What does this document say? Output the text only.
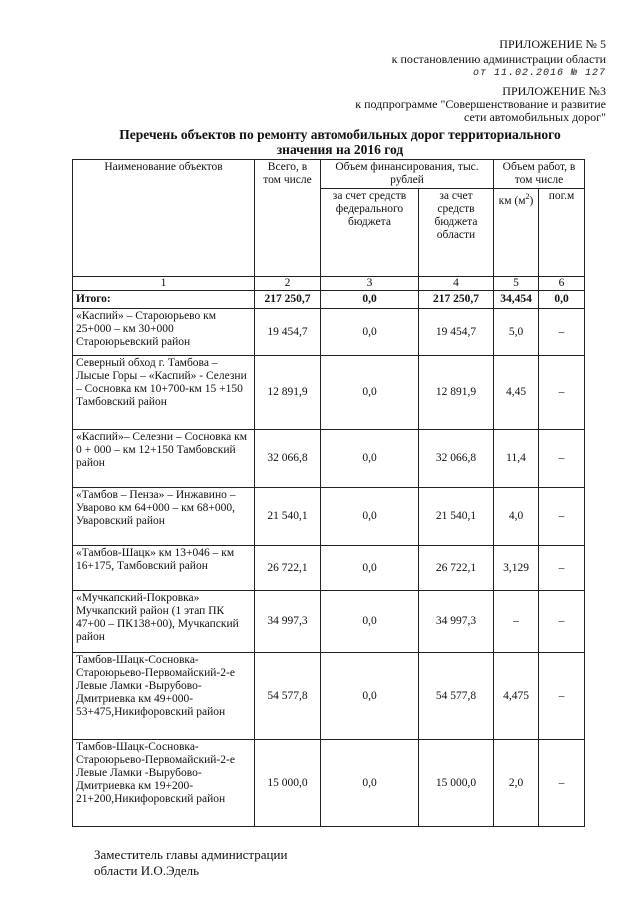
ПРИЛОЖЕНИЕ № 5
к постановлению администрации области
от 11.02.2016 № 127
ПРИЛОЖЕНИЕ №3
к подпрограмме "Совершенствование и развитие
сети автомобильных дорог"
Перечень объектов по ремонту автомобильных дорог территориального
значения на 2016 год
Наименование объектов	Всего, в том числе	Объем финансирования, тыс. рублей		Объем работ, в том числе	
		за счет средств федерального бюджета	за счет средств бюджета области	км $(м^2)$	пог.м
1	2	3	4	5	6
Итого:	217 250,7	0,0	217 250,7	34,454	0,0
«Каспий» – Староюрьево км 25+000 – км 30+000 Староюрьевский район	19 454,7	0,0	19 454,7	5,0	–
Северный обход г. Тамбова – Лысые Горы – «Каспий» - Селезни – Сосновка км 10+700-км 15 +150 Тамбовский район	12 891,9	0,0	12 891,9	4,45	–
«Каспий»– Селезни – Сосновка км 0 + 000 – км 12+150 Тамбовский район	32 066,8	0,0	32 066,8	11,4	–
«Тамбов – Пенза» – Инжавино – Уварово км 64+000 – км 68+000, Уваровский район	21 540,1	0,0	21 540,1	4,0	–
«Тамбов-Шацк» км 13+046 – км 16+175, Тамбовский район	26 722,1	0,0	26 722,1	3,129	–
«Мучкапский-Покровка» Мучкапский район (1 этап ПК 47+00 – ПК138+00), Мучкапский район	34 997,3	0,0	34 997,3	–	–
Тамбов-Шацк-Сосновка-Староюрьево-Первомайский-2-е Левые Ламки -Вырубово-Дмитриевка км 49+000-53+475,Никифоровский район	54 577,8	0,0	54 577,8	4,475	–
Тамбов-Шацк-Сосновка-Староюрьево-Первомайский-2-е Левые Ламки -Вырубово-Дмитриевка км 19+200-21+200,Никифоровский район	15 000,0	0,0	15 000,0	2,0	–
Заместитель главы администрации
области И.О.Эдель
